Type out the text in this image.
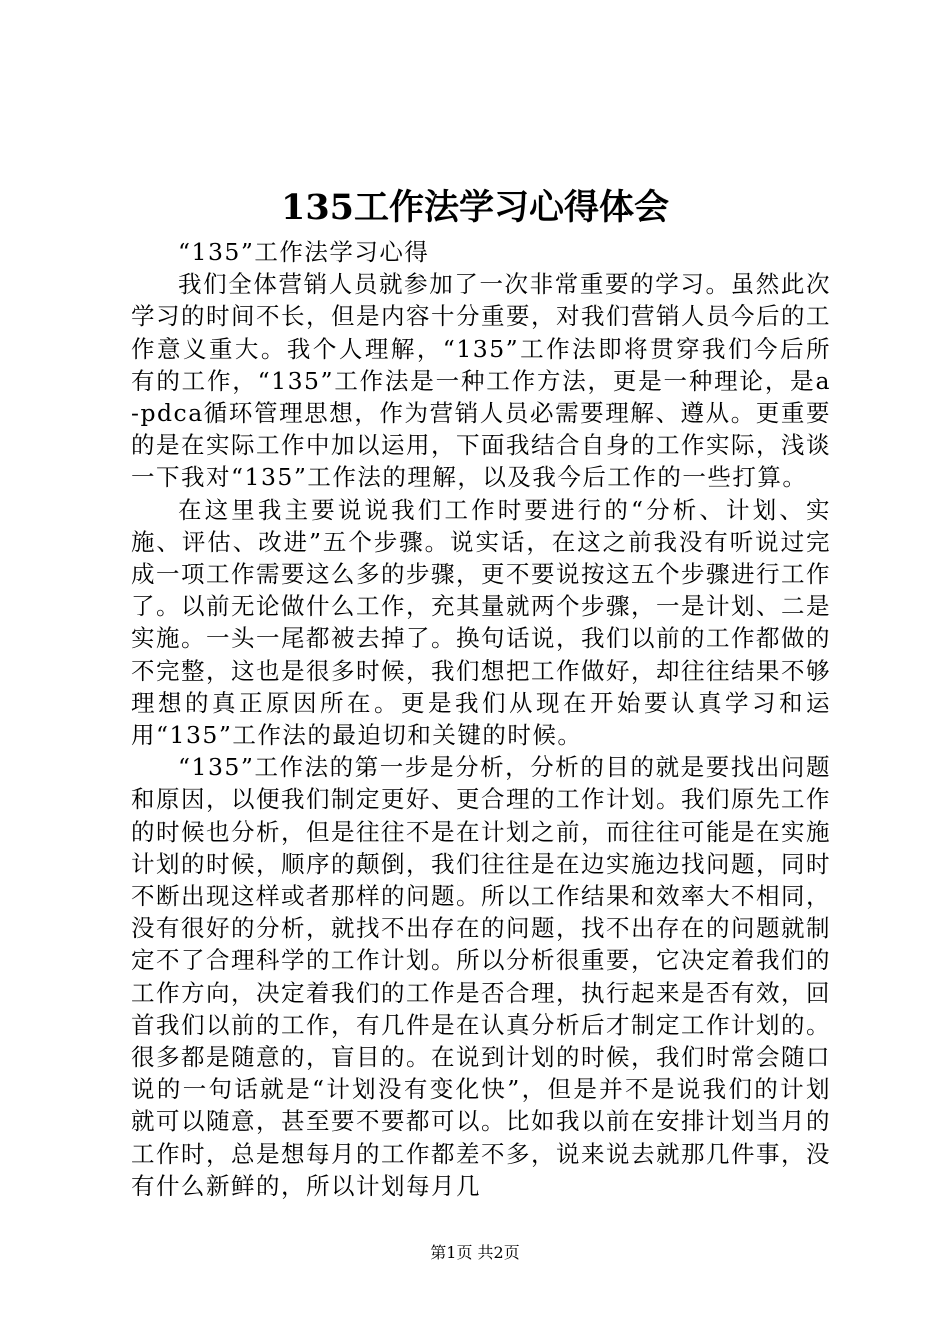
135工作法学习心得体会

“135”工作法学习心得

我们全体营销人员就参加了一次非常重要的学习。虽然此次学习的时间不长，但是内容十分重要，对我们营销人员今后的工作意义重大。我个人理解，“135”工作法即将贯穿我们今后所有的工作，“135”工作法是一种工作方法，更是一种理论，是a-pdca循环管理思想，作为营销人员必需要理解、遵从。更重要的是在实际工作中加以运用，下面我结合自身的工作实际，浅谈一下我对“135”工作法的理解，以及我今后工作的一些打算。

在这里我主要说说我们工作时要进行的“分析、计划、实施、评估、改进”五个步骤。说实话，在这之前我没有听说过完成一项工作需要这么多的步骤，更不要说按这五个步骤进行工作了。以前无论做什么工作，充其量就两个步骤，一是计划、二是实施。一头一尾都被去掉了。换句话说，我们以前的工作都做的不完整，这也是很多时候，我们想把工作做好，却往往结果不够理想的真正原因所在。更是我们从现在开始要认真学习和运用“135”工作法的最迫切和关键的时候。

“135”工作法的第一步是分析，分析的目的就是要找出问题和原因，以便我们制定更好、更合理的工作计划。我们原先工作的时候也分析，但是往往不是在计划之前，而往往可能是在实施计划的时候，顺序的颠倒，我们往往是在边实施边找问题，同时不断出现这样或者那样的问题。所以工作结果和效率大不相同，没有很好的分析，就找不出存在的问题，找不出存在的问题就制定不了合理科学的工作计划。所以分析很重要，它决定着我们的工作方向，决定着我们的工作是否合理，执行起来是否有效，回首我们以前的工作，有几件是在认真分析后才制定工作计划的。很多都是随意的，盲目的。在说到计划的时候，我们时常会随口说的一句话就是“计划没有变化快”，但是并不是说我们的计划就可以随意，甚至要不要都可以。比如我以前在安排计划当月的工作时，总是想每月的工作都差不多，说来说去就那几件事，没有什么新鲜的，所以计划每月几

第1页 共2页
